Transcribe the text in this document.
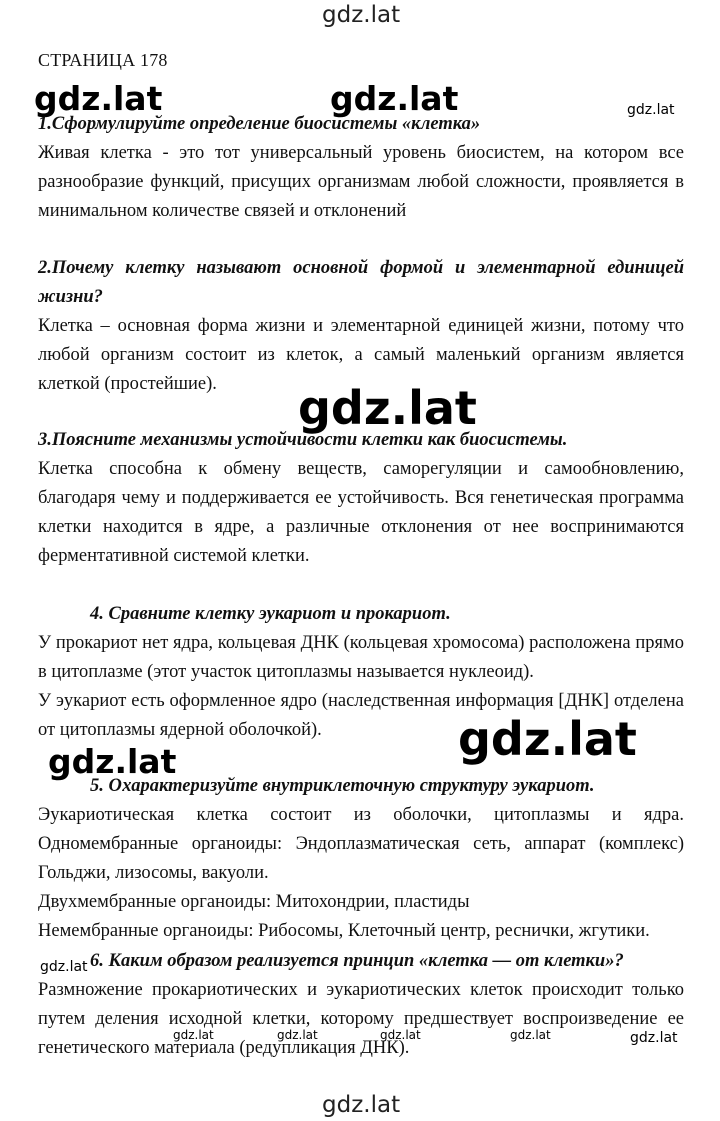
gdz.lat
gdz.lat	gdz.lat	gdz.lat
gdz.lat
gdz.lat
gdz.lat
gdz.lat
gdz.lat	gdz.lat	gdz.lat	gdz.lat	gdz.lat
gdz.lat
СТРАНИЦА 178
1.Сформулируйте определение биосистемы «клетка»

Живая клетка - это тот универсальный уровень биосистем, на котором все разнообразие функций, присущих организмам любой сложности, проявляется в минимальном количестве связей и отклонений

2.Почему клетку называют основной формой и элементарной единицей жизни?

Клетка – основная форма жизни и элементарной единицей жизни, потому что любой организм состоит из клеток, а самый маленький организм является клеткой (простейшие).

3.Поясните механизмы устойчивости клетки как биосистемы.

Клетка способна к обмену веществ, саморегуляции и самообновлению, благодаря чему и поддерживается ее устойчивость. Вся генетическая программа клетки находится в ядре, а различные отклонения от нее воспринимаются ферментативной системой клетки.

4. Сравните клетку эукариот и прокариот.

У прокариот нет ядра, кольцевая ДНК (кольцевая хромосома) расположена прямо в цитоплазме (этот участок цитоплазмы называется нуклеоид).

У эукариот есть оформленное ядро (наследственная информация [ДНК] отделена от цитоплазмы ядерной оболочкой).

5. Охарактеризуйте внутриклеточную структуру эукариот.

Эукариотическая клетка состоит из оболочки, цитоплазмы и ядра. Одномембранные органоиды: Эндоплазматическая сеть, аппарат (комплекс) Гольджи, лизосомы, вакуоли.

Двухмембранные органоиды: Митохондрии, пластиды

Немембранные органоиды: Рибосомы, Клеточный центр, реснички, жгутики.

6. Каким образом реализуется принцип «клетка — от клетки»?

Размножение прокариотических и эукариотических клеток происходит только путем деления исходной клетки, которому предшествует воспроизведение ее генетического материала (редупликация ДНК).
